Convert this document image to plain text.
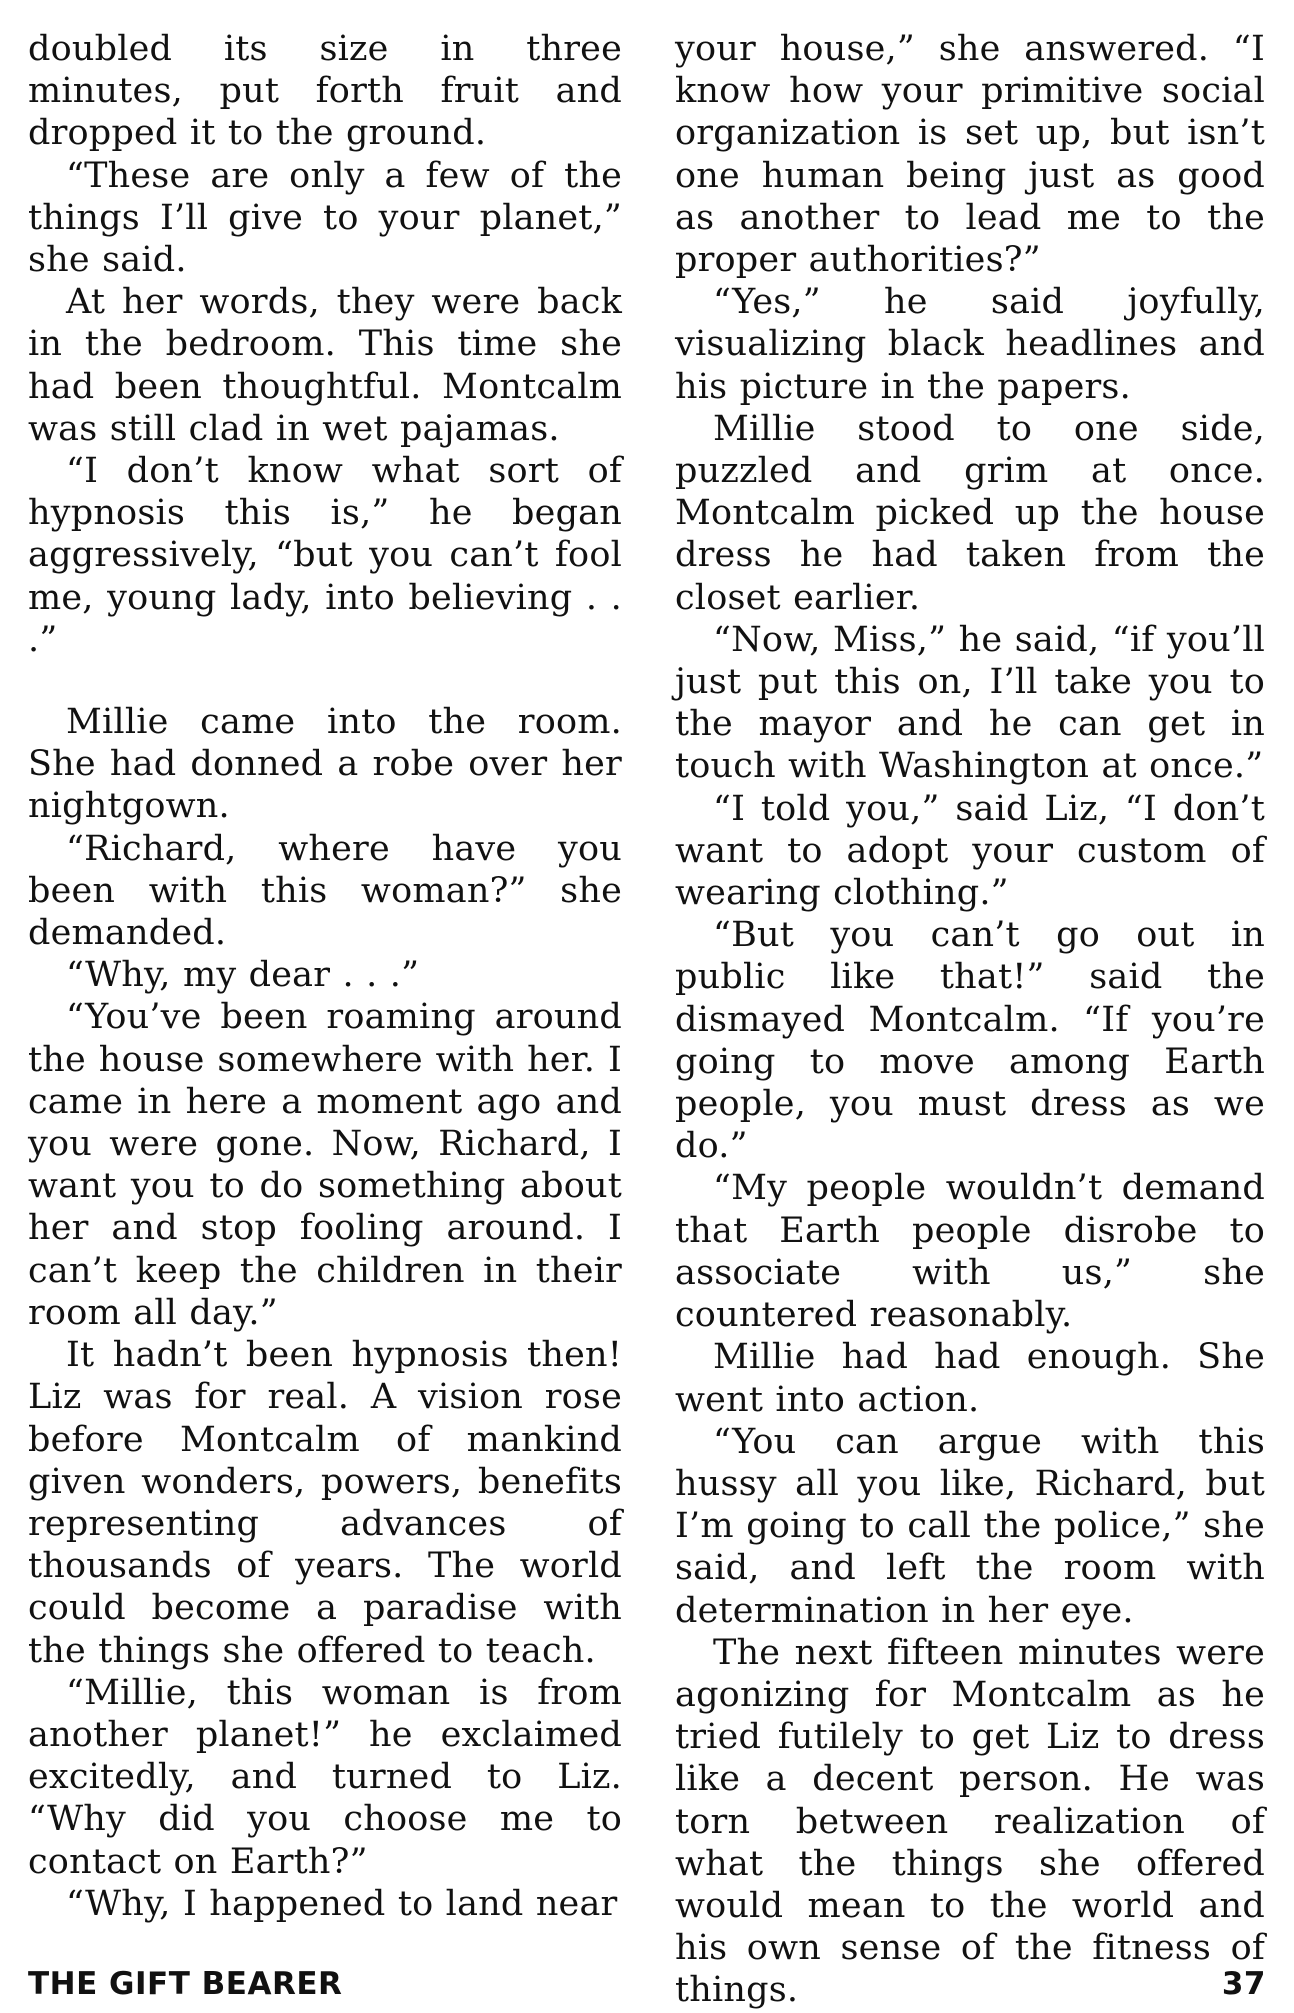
doubled its size in three minutes, put forth fruit and dropped it to the ground.

“These are only a few of the things I’ll give to your planet,” she said.

At her words, they were back in the bedroom. This time she had been thoughtful. Montcalm was still clad in wet pajamas.

“I don’t know what sort of hypnosis this is,” he began aggressively, “but you can’t fool me, young lady, into believing . . .”

Millie came into the room. She had donned a robe over her nightgown.

“Richard, where have you been with this woman?” she demanded.

“Why, my dear . . .”

“You’ve been roaming around the house somewhere with her. I came in here a moment ago and you were gone. Now, Richard, I want you to do something about her and stop fooling around. I can’t keep the children in their room all day.”

It hadn’t been hypnosis then! Liz was for real. A vision rose before Montcalm of mankind given wonders, powers, benefits representing advances of thousands of years. The world could become a paradise with the things she offered to teach.

“Millie, this woman is from another planet!” he exclaimed excitedly, and turned to Liz. “Why did you choose me to contact on Earth?”

“Why, I happened to land near

your house,” she answered. “I know how your primitive social organization is set up, but isn’t one human being just as good as another to lead me to the proper authorities?”

“Yes,” he said joyfully, visualizing black headlines and his picture in the papers.

Millie stood to one side, puzzled and grim at once. Montcalm picked up the house dress he had taken from the closet earlier.

“Now, Miss,” he said, “if you’ll just put this on, I’ll take you to the mayor and he can get in touch with Washington at once.”

“I told you,” said Liz, “I don’t want to adopt your custom of wearing clothing.”

“But you can’t go out in public like that!” said the dismayed Montcalm. “If you’re going to move among Earth people, you must dress as we do.”

“My people wouldn’t demand that Earth people disrobe to associate with us,” she countered reasonably.

Millie had had enough. She went into action.

“You can argue with this hussy all you like, Richard, but I’m going to call the police,” she said, and left the room with determination in her eye.

The next fifteen minutes were agonizing for Montcalm as he tried futilely to get Liz to dress like a decent person. He was torn between realization of what the things she offered would mean to the world and his own sense of the fitness of things.

THE GIFT BEARER	37
